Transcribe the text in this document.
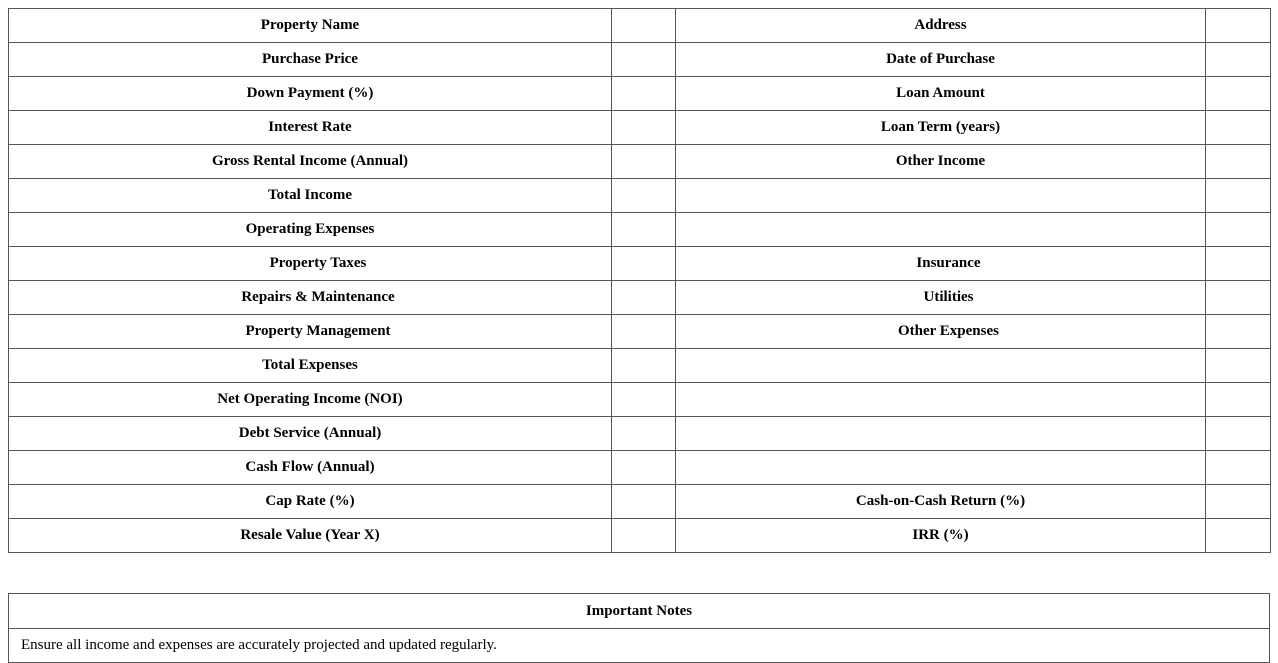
Property Name		Address	
Purchase Price		Date of Purchase	
Down Payment (%)		Loan Amount	
Interest Rate		Loan Term (years)	
Gross Rental Income (Annual)		Other Income	
Total Income			
Operating Expenses			
Property Taxes		Insurance	
Repairs & Maintenance		Utilities	
Property Management		Other Expenses	
Total Expenses			
Net Operating Income (NOI)			
Debt Service (Annual)			
Cash Flow (Annual)			
Cap Rate (%)		Cash-on-Cash Return (%)	
Resale Value (Year X)		IRR (%)	
Important Notes
Ensure all income and expenses are accurately projected and updated regularly.
